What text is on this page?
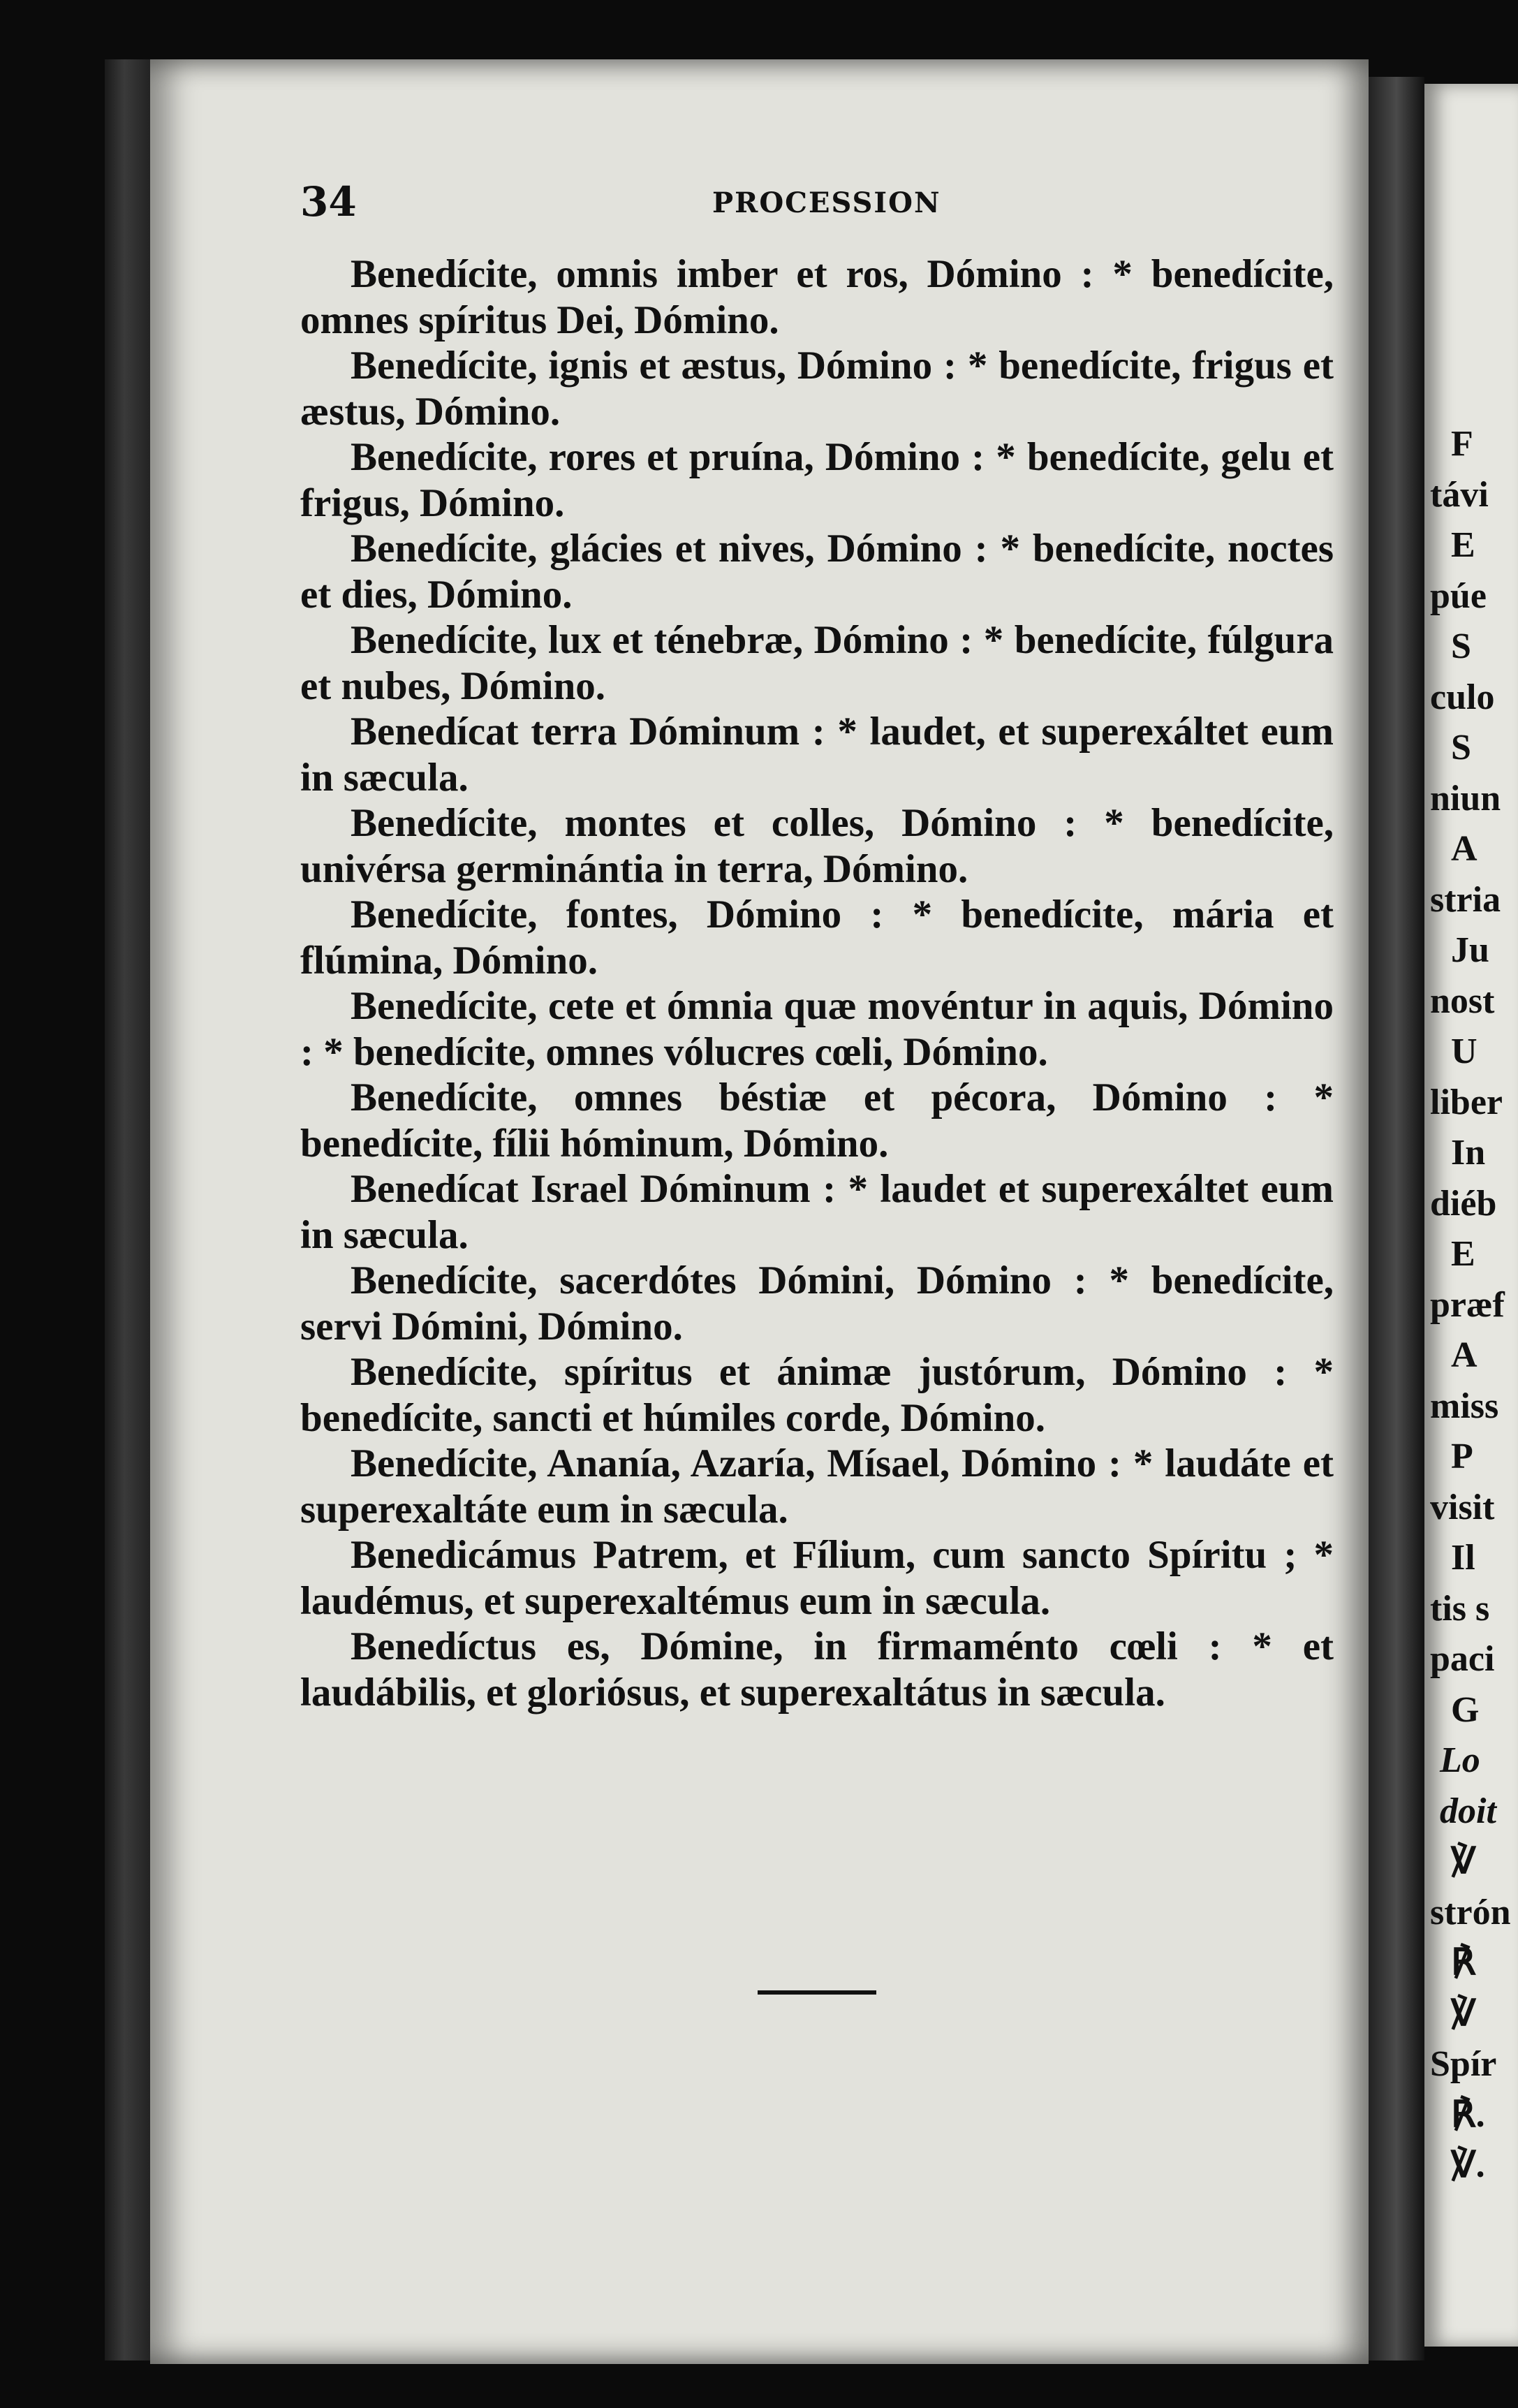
34	PROCESSION

Benedícite, omnis imber et ros, Dómino : * benedícite, omnes spíritus Dei, Dómino.

Benedícite, ignis et æstus, Dómino : * benedícite, frigus et æstus, Dómino.

Benedícite, rores et pruína, Dómino : * benedícite, gelu et frigus, Dómino.

Benedícite, glácies et nives, Dómino : * benedícite, noctes et dies, Dómino.

Benedícite, lux et ténebræ, Dómino : * benedícite, fúlgura et nubes, Dómino.

Benedícat terra Dóminum : * laudet, et superexáltet eum in sæcula.

Benedícite, montes et colles, Dómino : * benedícite, univérsa germinántia in terra, Dómino.

Benedícite, fontes, Dómino : * benedícite, mária et flúmina, Dómino.

Benedícite, cete et ómnia quæ movéntur in aquis, Dómino : * benedícite, omnes vólucres cœli, Dómino.

Benedícite, omnes béstiæ et pécora, Dómino : * benedícite, fílii hóminum, Dómino.

Benedícat Israel Dóminum : * laudet et superexáltet eum in sæcula.

Benedícite, sacerdótes Dómini, Dómino : * benedícite, servi Dómini, Dómino.

Benedícite, spíritus et ánimæ justórum, Dómino : * benedícite, sancti et húmiles corde, Dómino.

Benedícite, Ananía, Azaría, Mísael, Dómino : * laudáte et superexaltáte eum in sæcula.

Benedicámus Patrem, et Fílium, cum sancto Spíritu ; * laudémus, et superexaltémus eum in sæcula.

Benedíctus es, Dómine, in firmaménto cœli : * et laudábilis, et gloriósus, et superexaltátus in sæcula.

F
távi
E
púe
S
culo
S
niun
A
stria
Ju
nost
U
liber
In
diéb
E
præf
A
miss
P
visit
Il
tis s
paci
G
Lo
doit
℣
strón
℟
℣
Spír
℟.
℣.
